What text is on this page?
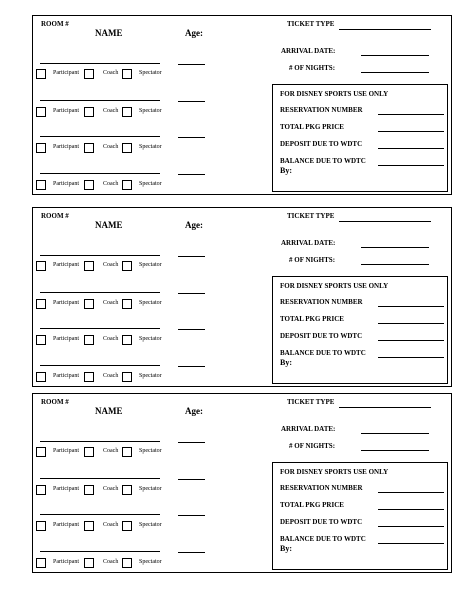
ROOM #
NAME	Age:
TICKET TYPE
ARRIVAL DATE:
# OF NIGHTS:
Participant	Coach	Spectator
Participant	Coach	Spectator
Participant	Coach	Spectator
Participant	Coach	Spectator
FOR DISNEY SPORTS USE ONLY
RESERVATION NUMBER
TOTAL PKG PRICE
DEPOSIT DUE TO WDTC
BALANCE DUE TO WDTC
By:
ROOM #
NAME	Age:
TICKET TYPE
ARRIVAL DATE:
# OF NIGHTS:
Participant	Coach	Spectator
Participant	Coach	Spectator
Participant	Coach	Spectator
Participant	Coach	Spectator
FOR DISNEY SPORTS USE ONLY
RESERVATION NUMBER
TOTAL PKG PRICE
DEPOSIT DUE TO WDTC
BALANCE DUE TO WDTC
By:
ROOM #
NAME	Age:
TICKET TYPE
ARRIVAL DATE:
# OF NIGHTS:
Participant	Coach	Spectator
Participant	Coach	Spectator
Participant	Coach	Spectator
Participant	Coach	Spectator
FOR DISNEY SPORTS USE ONLY
RESERVATION NUMBER
TOTAL PKG PRICE
DEPOSIT DUE TO WDTC
BALANCE DUE TO WDTC
By:
